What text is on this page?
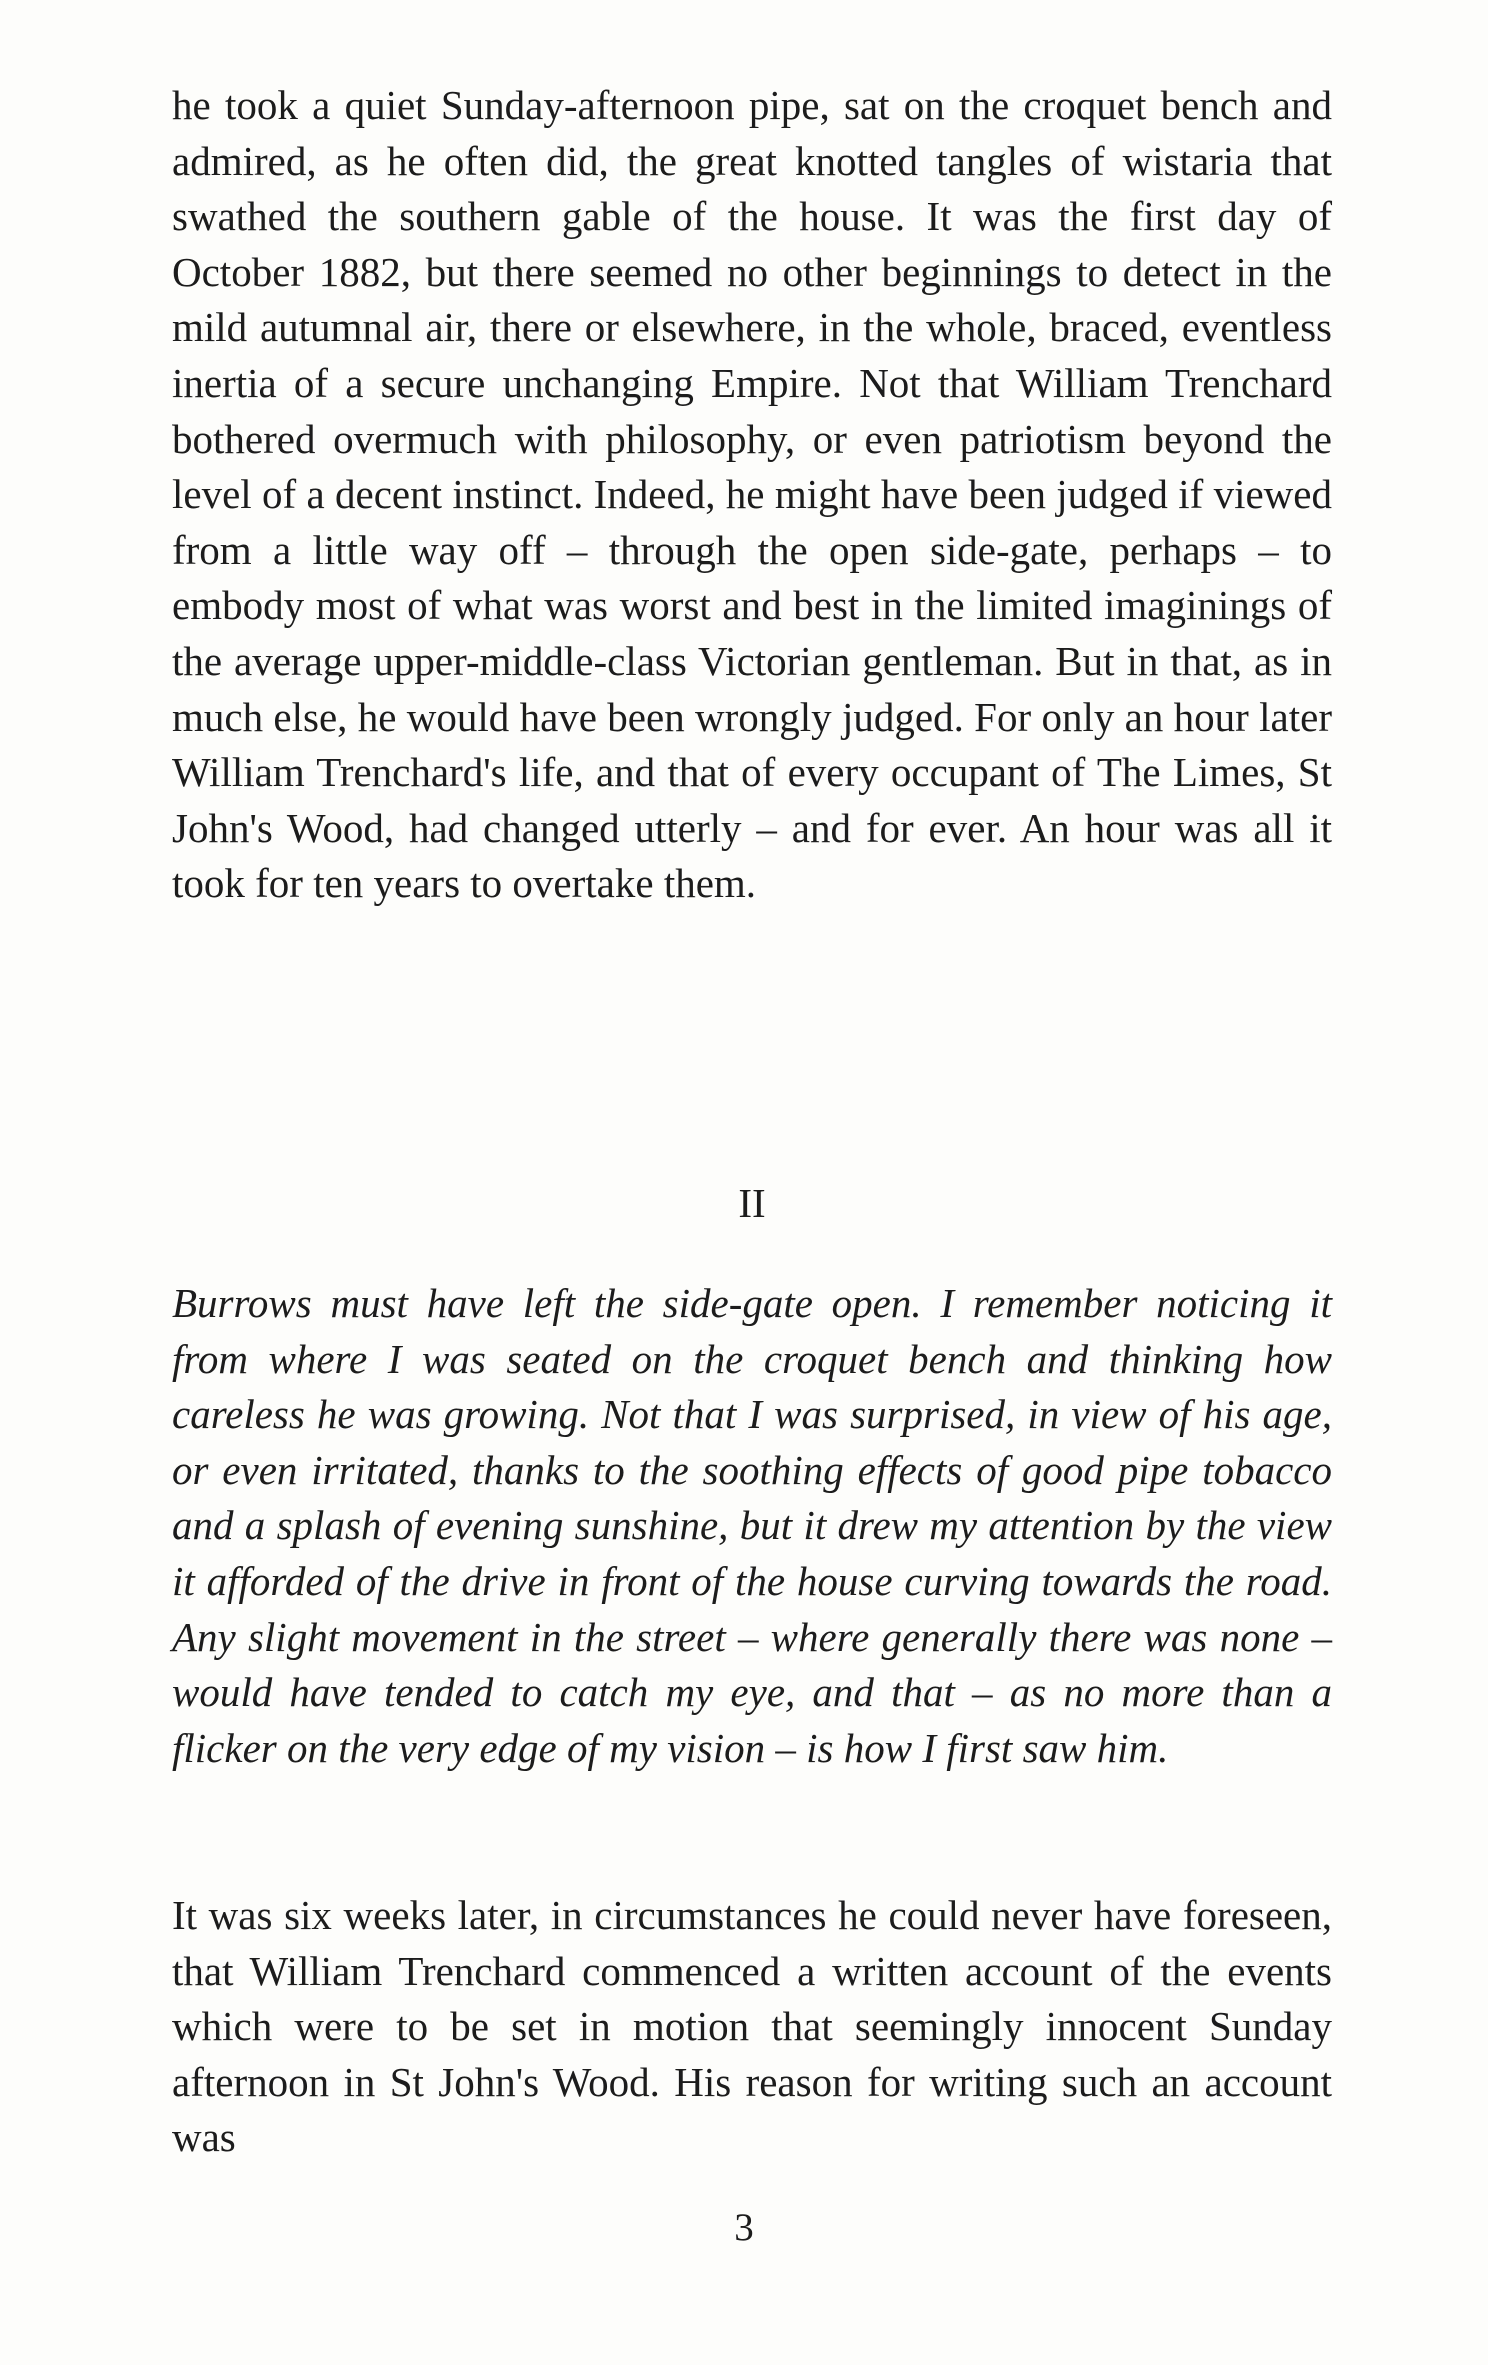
he took a quiet Sunday-afternoon pipe, sat on the croquet bench and admired, as he often did, the great knotted tangles of wistaria that swathed the southern gable of the house. It was the first day of October 1882, but there seemed no other beginnings to detect in the mild autumnal air, there or elsewhere, in the whole, braced, eventless inertia of a secure unchanging Empire. Not that William Trenchard bothered overmuch with philosophy, or even patriotism beyond the level of a decent instinct. Indeed, he might have been judged if viewed from a little way off – through the open side-gate, perhaps – to embody most of what was worst and best in the limited imaginings of the average upper-middle-class Victorian gentleman. But in that, as in much else, he would have been wrongly judged. For only an hour later William Trenchard's life, and that of every occupant of The Limes, St John's Wood, had changed utterly – and for ever. An hour was all it took for ten years to overtake them.

II

Burrows must have left the side-gate open. I remember noticing it from where I was seated on the croquet bench and thinking how careless he was growing. Not that I was surprised, in view of his age, or even irritated, thanks to the soothing effects of good pipe tobacco and a splash of evening sunshine, but it drew my attention by the view it afforded of the drive in front of the house curving towards the road. Any slight movement in the street – where generally there was none – would have tended to catch my eye, and that – as no more than a flicker on the very edge of my vision – is how I first saw him.

It was six weeks later, in circumstances he could never have foreseen, that William Trenchard commenced a written account of the events which were to be set in motion that seemingly innocent Sunday afternoon in St John's Wood. His reason for writing such an account was

3
